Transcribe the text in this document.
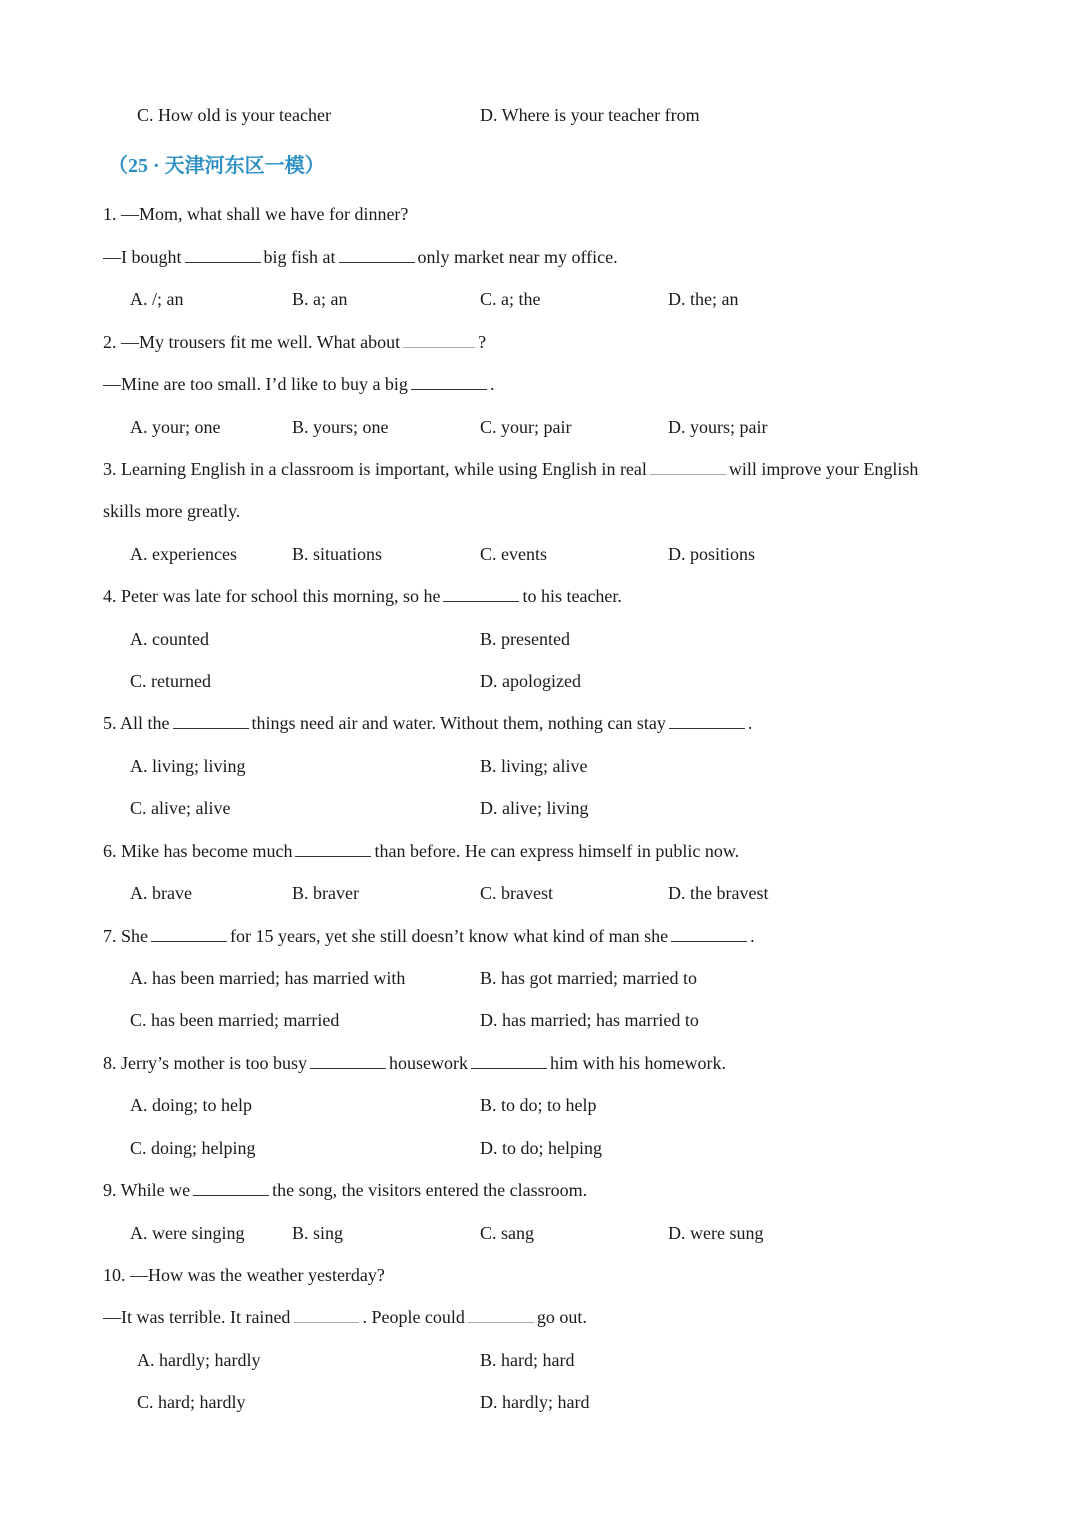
C. How old is your teacher	D. Where is your teacher from
（25 · 天津河东区一模）
1. —Mom, what shall we have for dinner?
—I bought	big fish at	only market near my office.
A. /; an	B. a; an	C. a; the	D. the; an
2. —My trousers fit me well. What about	?
—Mine are too small. I’d like to buy a big	.
A. your; one	B. yours; one	C. your; pair	D. yours; pair
3. Learning English in a classroom is important, while using English in real	will improve your English
skills more greatly.
A. experiences	B. situations	C. events	D. positions
4. Peter was late for school this morning, so he	to his teacher.
A. counted	B. presented
C. returned	D. apologized
5. All the	things need air and water. Without them, nothing can stay	.
A. living; living	B. living; alive
C. alive; alive	D. alive; living
6. Mike has become much	than before. He can express himself in public now.
A. brave	B. braver	C. bravest	D. the bravest
7. She	for 15 years, yet she still doesn’t know what kind of man she	.
A. has been married; has married with	B. has got married; married to
C. has been married; married	D. has married; has married to
8. Jerry’s mother is too busy	housework	him with his homework.
A. doing; to help	B. to do; to help
C. doing; helping	D. to do; helping
9. While we	the song, the visitors entered the classroom.
A. were singing	B. sing	C. sang	D. were sung
10. —How was the weather yesterday?
—It was terrible. It rained	. People could	go out.
A. hardly; hardly	B. hard; hard
C. hard; hardly	D. hardly; hard
